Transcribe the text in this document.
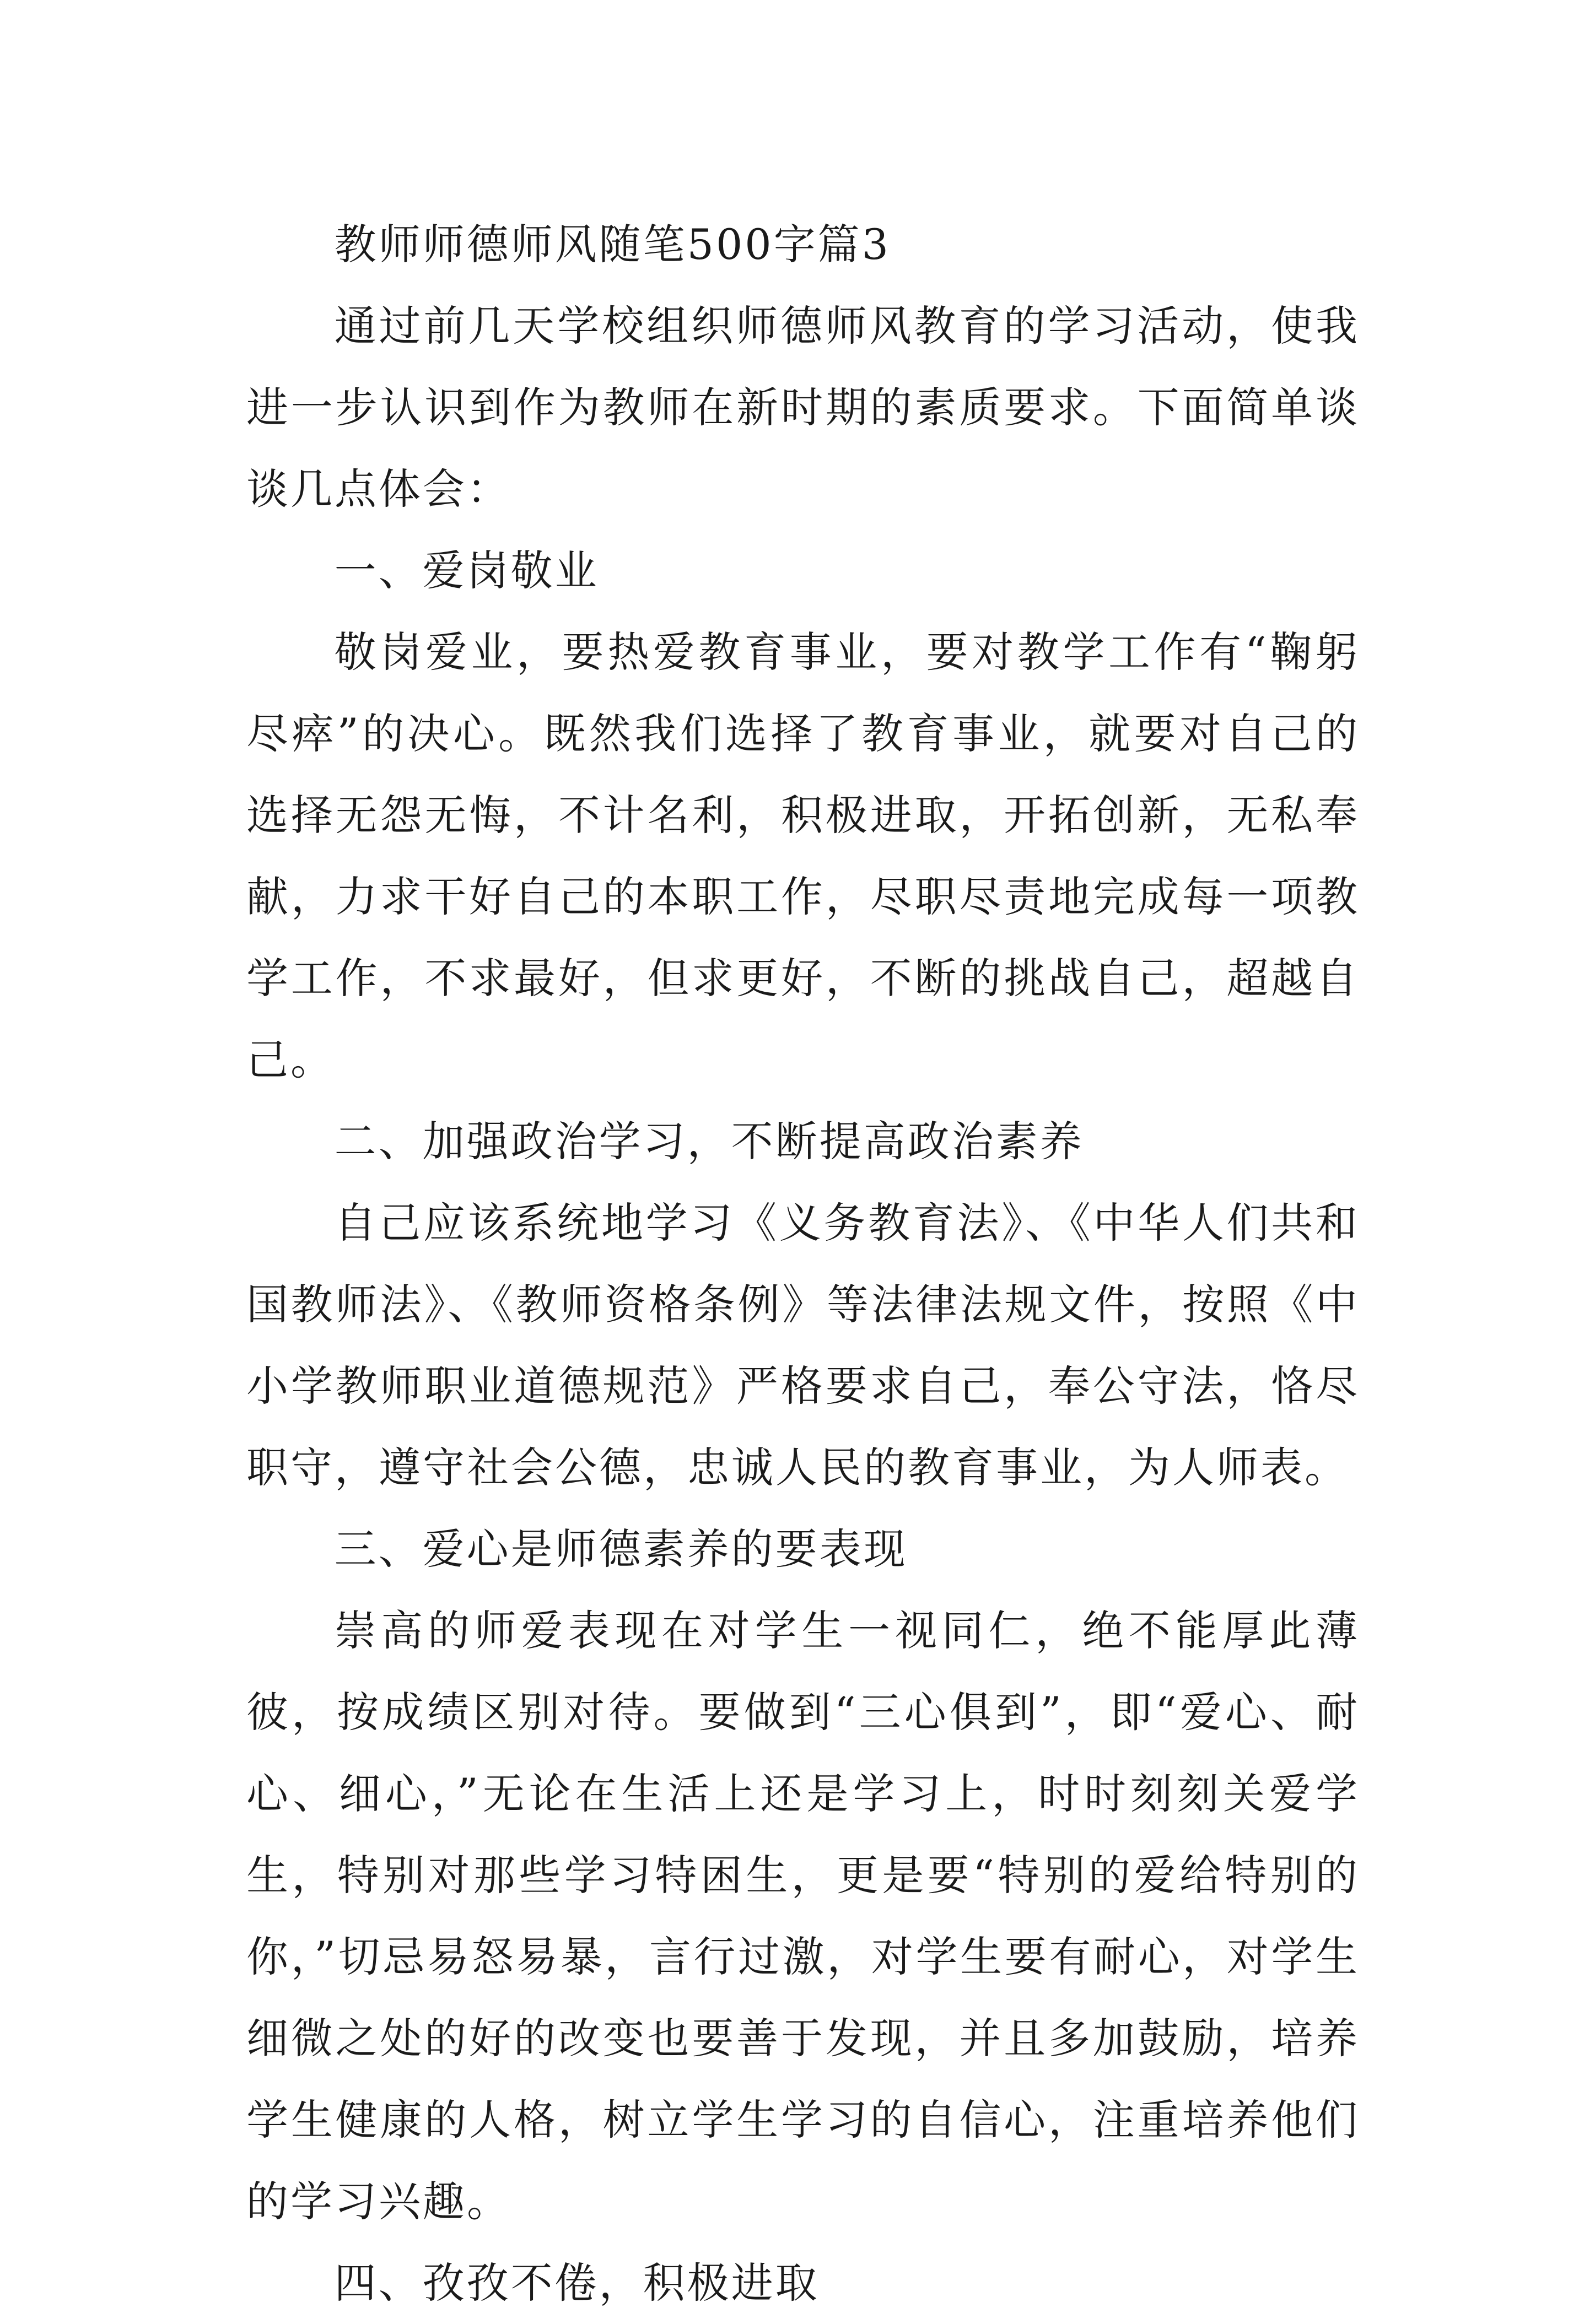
教师师德师风随笔500字篇3

通过前几天学校组织师德师风教育的学习活动，使我进一步认识到作为教师在新时期的素质要求。下面简单谈谈几点体会：

一、爱岗敬业

敬岗爱业，要热爱教育事业，要对教学工作有“鞠躬尽瘁”的决心。既然我们选择了教育事业，就要对自己的选择无怨无悔，不计名利，积极进取，开拓创新，无私奉献，力求干好自己的本职工作，尽职尽责地完成每一项教学工作，不求最好，但求更好，不断的挑战自己，超越自己。

二、加强政治学习，不断提高政治素养

自己应该系统地学习《义务教育法》、《中华人们共和国教师法》、《教师资格条例》等法律法规文件，按照《中小学教师职业道德规范》严格要求自己，奉公守法，恪尽职守，遵守社会公德，忠诚人民的教育事业，为人师表。

三、爱心是师德素养的要表现

崇高的师爱表现在对学生一视同仁，绝不能厚此薄彼，按成绩区别对待。要做到“三心俱到”，即“爱心、耐心、细心，”无论在生活上还是学习上，时时刻刻关爱学生，特别对那些学习特困生，更是要“特别的爱给特别的你，”切忌易怒易暴，言行过激，对学生要有耐心，对学生细微之处的好的改变也要善于发现，并且多加鼓励，培养学生健康的人格，树立学生学习的自信心，注重培养他们的学习兴趣。

四、孜孜不倦，积极进取
